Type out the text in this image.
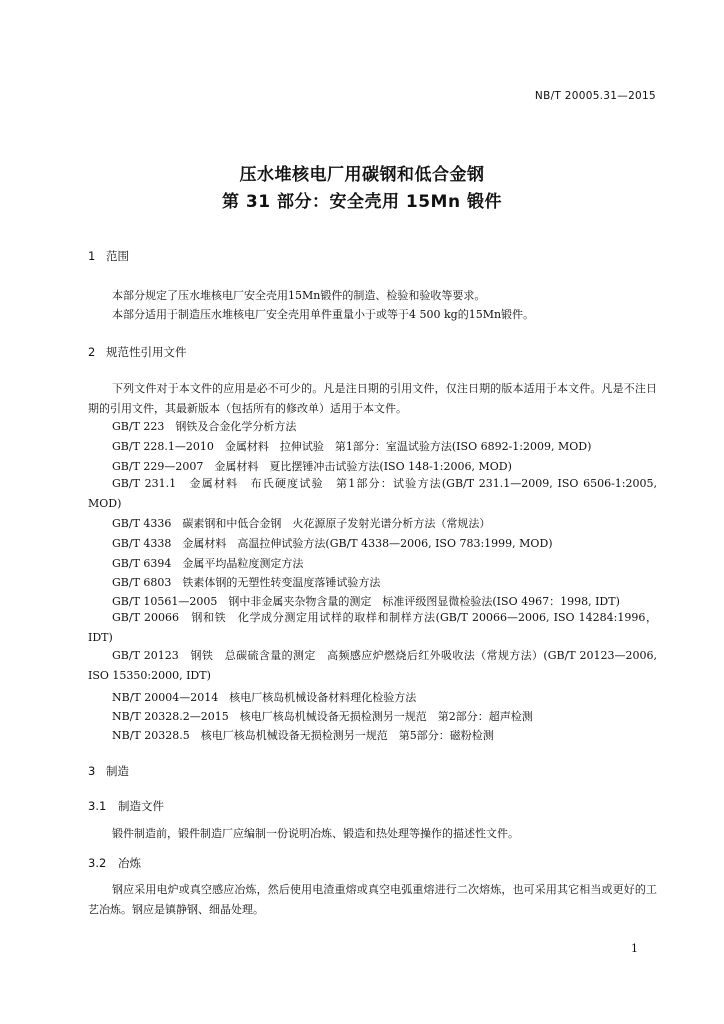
NB/T 20005.31—2015
压水堆核电厂用碳钢和低合金钢
第 31 部分：安全壳用 15Mn 锻件
1 范围
本部分规定了压水堆核电厂安全壳用15Mn锻件的制造、检验和验收等要求。
本部分适用于制造压水堆核电厂安全壳用单件重量小于或等于4 500 kg的15Mn锻件。
2 规范性引用文件
下列文件对于本文件的应用是必不可少的。凡是注日期的引用文件，仅注日期的版本适用于本文件。凡是不注日期的引用文件，其最新版本（包括所有的修改单）适用于本文件。
GB/T 223　钢铁及合金化学分析方法
GB/T 228.1—2010　金属材料　拉伸试验　第1部分：室温试验方法(ISO 6892-1:2009, MOD)
GB/T 229—2007　金属材料　夏比摆锤冲击试验方法(ISO 148-1:2006, MOD)
GB/T 231.1　金属材料　布氏硬度试验　第1部分：试验方法(GB/T 231.1—2009, ISO 6506-1:2005, MOD)
GB/T 4336　碳素钢和中低合金钢　火花源原子发射光谱分析方法（常规法）
GB/T 4338　金属材料　高温拉伸试验方法(GB/T 4338—2006, ISO 783:1999, MOD)
GB/T 6394　金属平均晶粒度测定方法
GB/T 6803　铁素体钢的无塑性转变温度落锤试验方法
GB/T 10561—2005　钢中非金属夹杂物含量的测定　标准评级图显微检验法(ISO 4967：1998, IDT)
GB/T 20066　钢和铁　化学成分测定用试样的取样和制样方法(GB/T 20066—2006, ISO 14284:1996，IDT)
GB/T 20123　钢铁　总碳硫含量的测定　高频感应炉燃烧后红外吸收法（常规方法）(GB/T 20123—2006, ISO 15350:2000, IDT)
NB/T 20004—2014　核电厂核岛机械设备材料理化检验方法
NB/T 20328.2—2015　核电厂核岛机械设备无损检测另一规范　第2部分：超声检测
NB/T 20328.5　核电厂核岛机械设备无损检测另一规范　第5部分：磁粉检测
3 制造
3.1 制造文件
锻件制造前，锻件制造厂应编制一份说明冶炼、锻造和热处理等操作的描述性文件。
3.2 冶炼
钢应采用电炉或真空感应冶炼，然后使用电渣重熔或真空电弧重熔进行二次熔炼，也可采用其它相当或更好的工艺冶炼。钢应是镇静钢、细晶处理。
1
